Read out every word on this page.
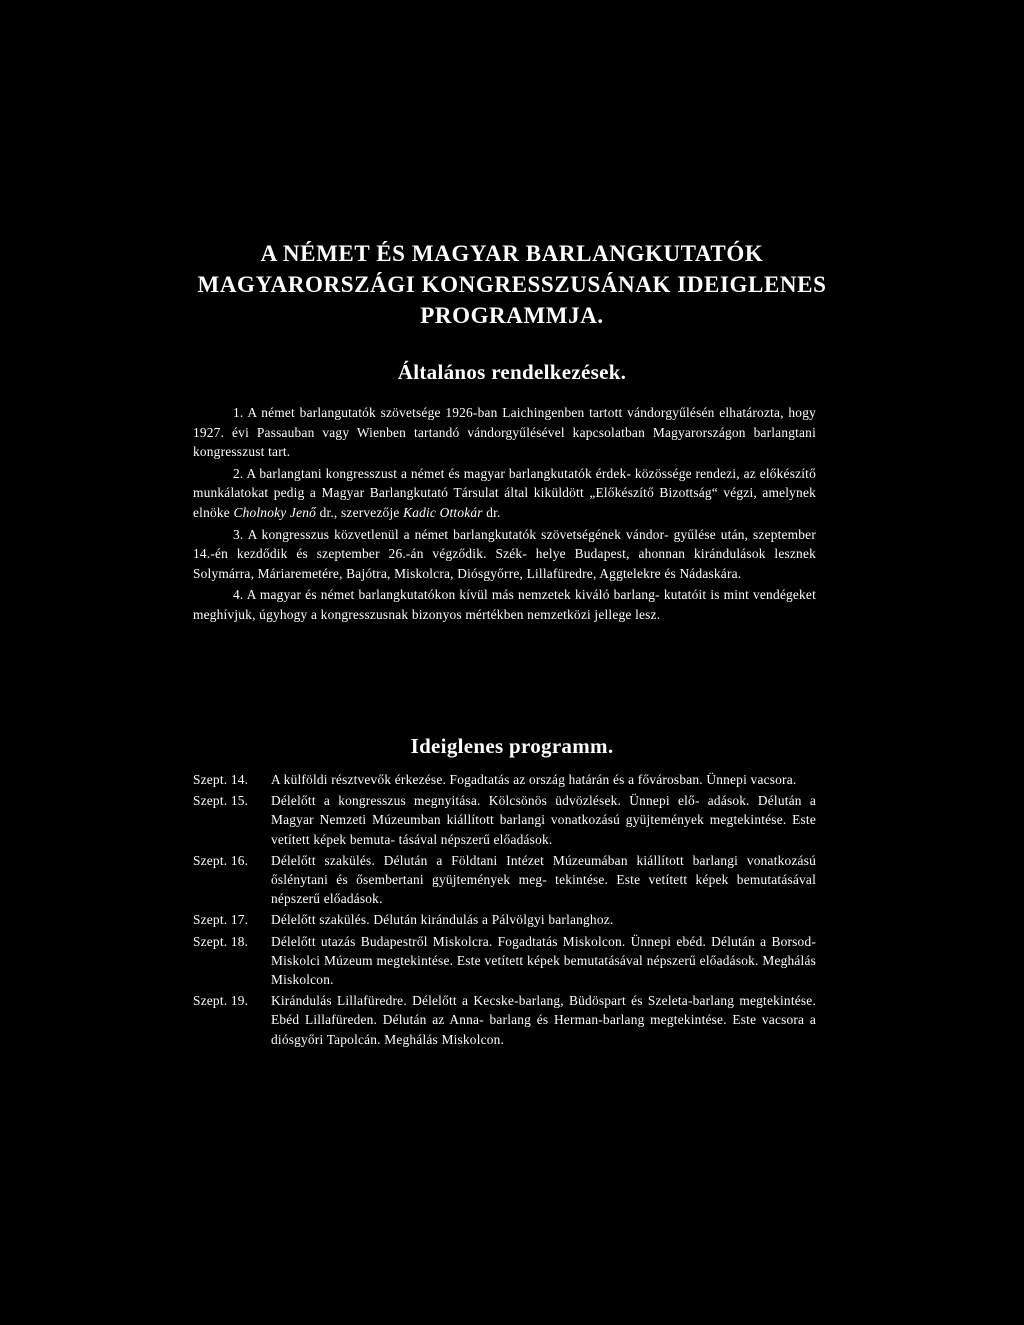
A NÉMET ÉS MAGYAR BARLANGKUTATÓK
MAGYARORSZÁGI KONGRESSZUSÁNAK IDEIGLENES
PROGRAMMJA.
Általános rendelkezések.

1. A német barlangutatók szövetsége 1926-ban Laichingenben tartott vándorgyűlésén elhatározta, hogy 1927. évi Passauban vagy Wienben tartandó vándorgyűlésével kapcsolatban Magyarországon barlangtani kongresszust tart.

2. A barlangtani kongresszust a német és magyar barlangkutatók érdek- közössége rendezi, az előkészítő munkálatokat pedig a Magyar Barlangkutató Társulat által kiküldött „Előkészítő Bizottság“ végzi, amelynek elnöke Cholnoky Jenő dr., szervezője Kadic Ottokár dr.

3. A kongresszus közvetlenül a német barlangkutatók szövetségének vándor- gyűlése után, szeptember 14.-én kezdődik és szeptember 26.-án végződik. Szék- helye Budapest, ahonnan kirándulások lesznek Solymárra, Máriaremetére, Bajótra, Miskolcra, Diósgyőrre, Lillafüredre, Aggtelekre és Nádaskára.

4. A magyar és német barlangkutatókon kívül más nemzetek kiváló barlang- kutatóit is mint vendégeket meghívjuk, úgyhogy a kongresszusnak bizonyos mértékben nemzetközi jellege lesz.

Ideiglenes programm.
Szept. 14.	A külföldi résztvevők érkezése. Fogadtatás az ország határán és a fővárosban. Ünnepi vacsora.
Szept. 15.	Délelőtt a kongresszus megnyitása. Kölcsönös üdvözlések. Ünnepi elő- adások. Délután a Magyar Nemzeti Múzeumban kiállított barlangi vonatkozású gyüjtemények megtekintése. Este vetített képek bemuta- tásával népszerű előadások.
Szept. 16.	Délelőtt szakülés. Délután a Földtani Intézet Múzeumában kiállított barlangi vonatkozású őslénytani és ősembertani gyüjtemények meg- tekintése. Este vetített képek bemutatásával népszerű előadások.
Szept. 17.	Délelőtt szakülés. Délután kirándulás a Pálvölgyi barlanghoz.
Szept. 18.	Délelőtt utazás Budapestről Miskolcra. Fogadtatás Miskolcon. Ünnepi ebéd. Délután a Borsod-Miskolci Múzeum megtekintése. Este vetített képek bemutatásával népszerű előadások. Meghálás Miskolcon.
Szept. 19.	Kirándulás Lillafüredre. Délelőtt a Kecske-barlang, Büdöspart és Szeleta-barlang megtekintése. Ebéd Lillafüreden. Délután az Anna- barlang és Herman-barlang megtekintése. Este vacsora a diósgyőri Tapolcán. Meghálás Miskolcon.
